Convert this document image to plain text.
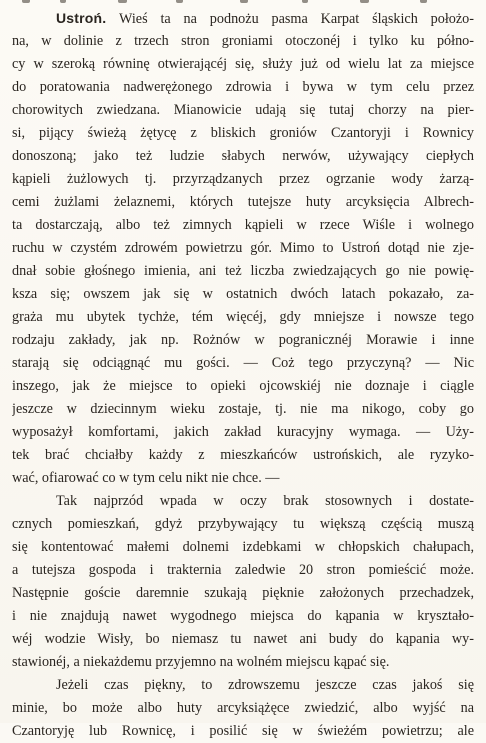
Ustroń. Wieś ta na podnożu pasma Karpat śląskich położo-
na, w dolinie z trzech stron groniami otoczonéj i tylko ku półno-
cy w szeroką równinę otwierającéj się, służy już od wielu lat za miejsce
do poratowania nadwerężonego zdrowia i bywa w tym celu przez
chorowitych zwiedzana. Mianowicie udają się tutaj chorzy na pier-
si, pijący świeżą żętycę z bliskich groniów Czantoryji i Rownicy
donoszoną; jako też ludzie słabych nerwów, używający ciepłych
kąpieli żużlowych tj. przyrządzanych przez ogrzanie wody żarzą-
cemi żużlami żelaznemi, których tutejsze huty arcyksięcia Albrech-
ta dostarczają, albo też zimnych kąpieli w rzece Wiśle i wolnego
ruchu w czystém zdrowém powietrzu gór. Mimo to Ustroń dotąd nie zje-
dnał sobie głośnego imienia, ani też liczba zwiedzających go nie powię-
ksza się; owszem jak się w ostatnich dwóch latach pokazało, za-
graża mu ubytek tychże, tém więcéj, gdy mniejsze i nowsze tego
rodzaju zakłady, jak np. Rożnów w pogranicznéj Morawie i inne
starają się odciągnąć mu gości. — Coż tego przyczyną? — Nic
inszego, jak że miejsce to opieki ojcowskiéj nie doznaje i ciągle
jeszcze w dziecinnym wieku zostaje, tj. nie ma nikogo, coby go
wyposażył komfortami, jakich zakład kuracyjny wymaga. — Uży-
tek brać chciałby każdy z mieszkańców ustrońskich, ale ryzyko-
wać, ofiarować co w tym celu nikt nie chce. —
Tak najprzód wpada w oczy brak stosownych i dostate-
cznych pomieszkań, gdyż przybywający tu większą częścią muszą
się kontentować małemi dolnemi izdebkami w chłopskich chałupach,
a tutejsza gospoda i trakternia zaledwie 20 stron pomieścić może.
Następnie goście daremnie szukają pięknie założonych przechadzek,
i nie znajdują nawet wygodnego miejsca do kąpania w kryształo-
wéj wodzie Wisły, bo niemasz tu nawet ani budy do kąpania wy-
stawionéj, a niekażdemu przyjemno na wolném miejscu kąpać się.
Jeżeli czas piękny, to zdrowszemu jeszcze czas jakoś się
minie, bo może albo huty arcyksiążęce zwiedzić, albo wyjść na
Czantoryję lub Rownicę, i posilić się w świeżém powietrzu; ale
